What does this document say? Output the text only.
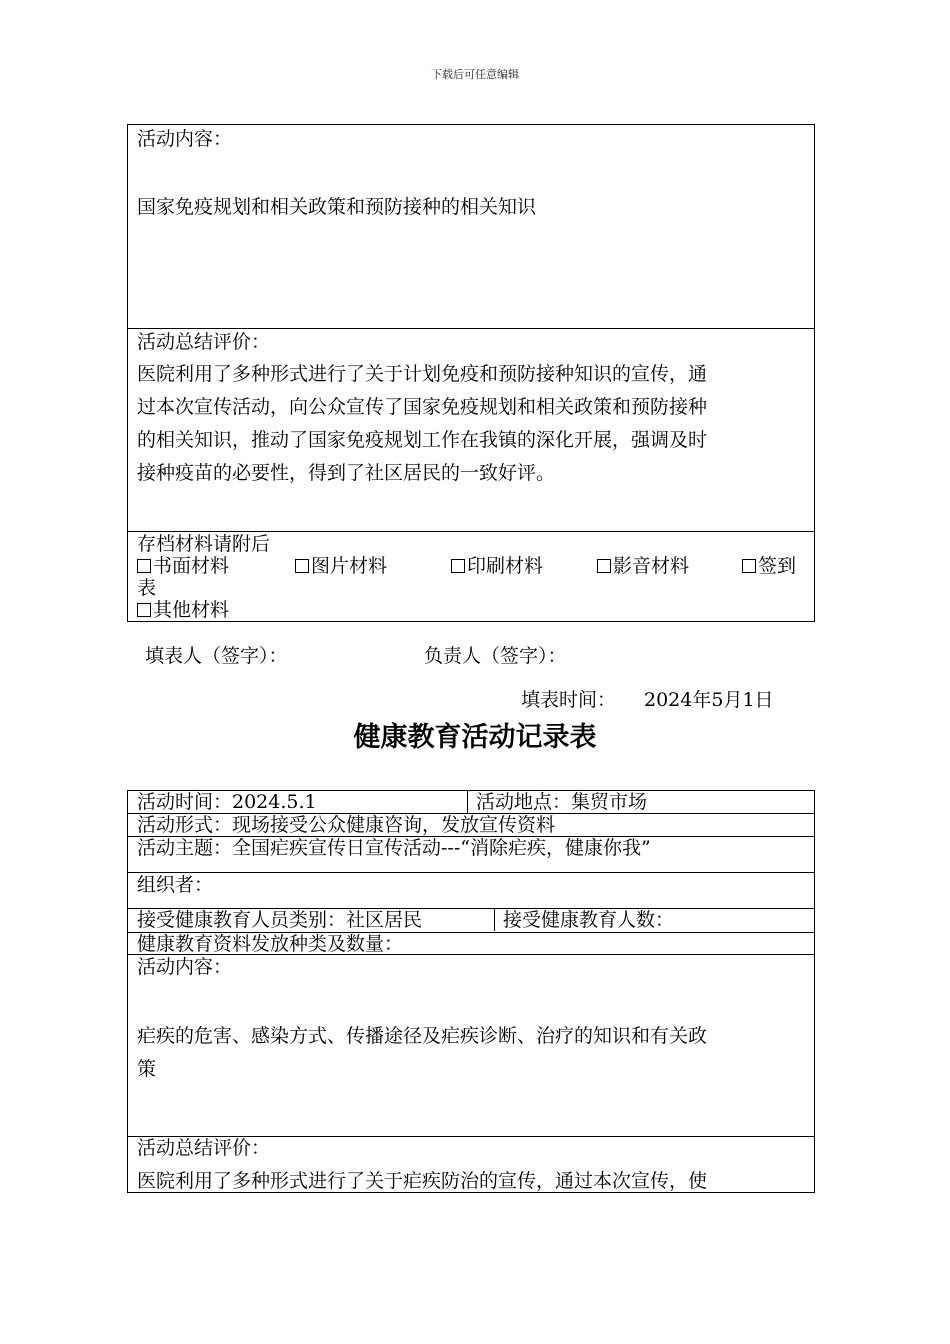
下载后可任意编辑
活动内容：
国家免疫规划和相关政策和预防接种的相关知识
活动总结评价：
医院利用了多种形式进行了关于计划免疫和预防接种知识的宣传，通
过本次宣传活动，向公众宣传了国家免疫规划和相关政策和预防接种
的相关知识，推动了国家免疫规划工作在我镇的深化开展，强调及时
接种疫苗的必要性，得到了社区居民的一致好评。
存档材料请附后
书面材料	图片材料	印刷材料	影音材料	签到
表
其他材料
填表人（签字）：	负责人（签字）：
填表时间： 2024年5月1日
健康教育活动记录表
活动时间：2024.5.1	活动地点：集贸市场
活动形式：现场接受公众健康咨询，发放宣传资料
活动主题：全国疟疾宣传日宣传活动---“消除疟疾，健康你我”
组织者：
接受健康教育人员类别：社区居民	接受健康教育人数：
健康教育资料发放种类及数量：
活动内容：
疟疾的危害、感染方式、传播途径及疟疾诊断、治疗的知识和有关政
策
活动总结评价：
医院利用了多种形式进行了关于疟疾防治的宣传，通过本次宣传，使
